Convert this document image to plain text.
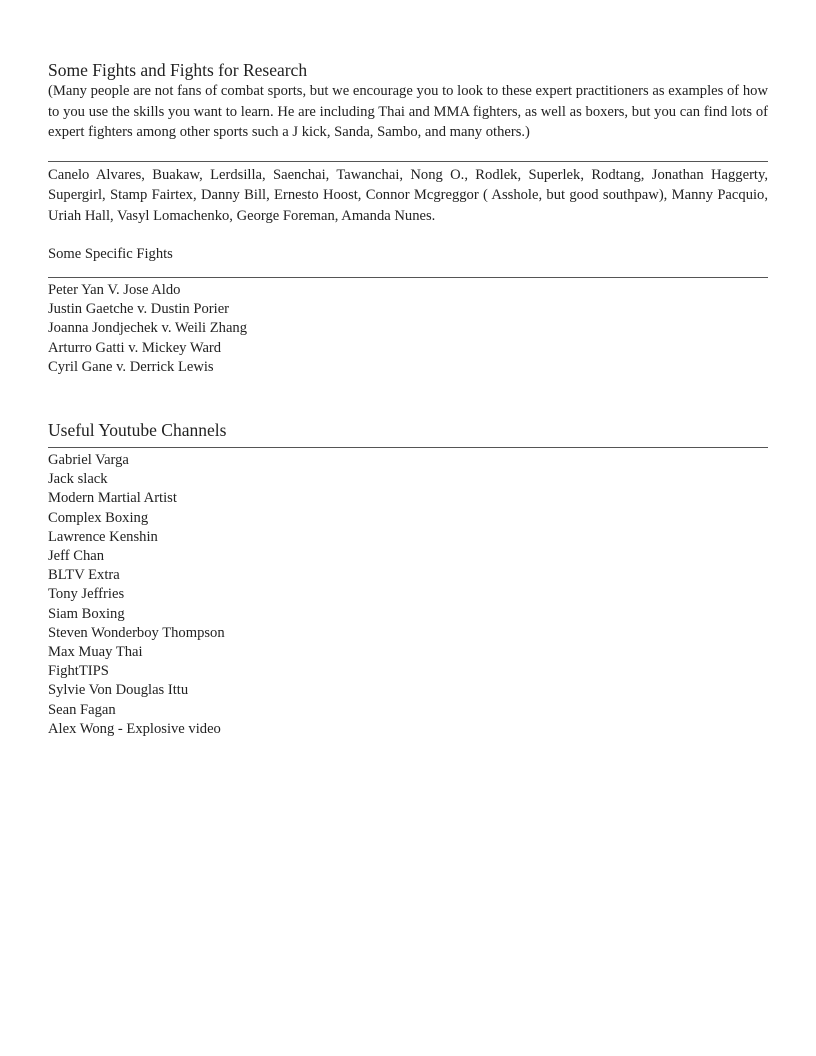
Some Fights and Fights for Research

(Many people are not fans of combat sports, but we encourage you to look to these expert practitioners as examples of how to you use the skills you want to learn. He are including Thai and MMA fighters, as well as boxers, but you can find lots of expert fighters among other sports such a J kick, Sanda, Sambo, and many others.)

Canelo Alvares, Buakaw, Lerdsilla, Saenchai, Tawanchai, Nong O., Rodlek, Superlek, Rodtang, Jonathan Haggerty, Supergirl, Stamp Fairtex, Danny Bill, Ernesto Hoost, Connor Mcgreggor ( Asshole, but good southpaw), Manny Pacquio, Uriah Hall, Vasyl Lomachenko, George Foreman, Amanda Nunes.

Some Specific Fights

Peter Yan V. Jose Aldo

Justin Gaetche v. Dustin Porier

Joanna Jondjechek v. Weili Zhang

Arturro Gatti v. Mickey Ward

Cyril Gane v. Derrick Lewis

Useful Youtube Channels

Gabriel Varga

Jack slack

Modern Martial Artist

Complex Boxing

Lawrence Kenshin

Jeff Chan

BLTV Extra

Tony Jeffries

Siam Boxing

Steven Wonderboy Thompson

Max Muay Thai

FightTIPS

Sylvie Von Douglas Ittu

Sean Fagan

Alex Wong - Explosive video
